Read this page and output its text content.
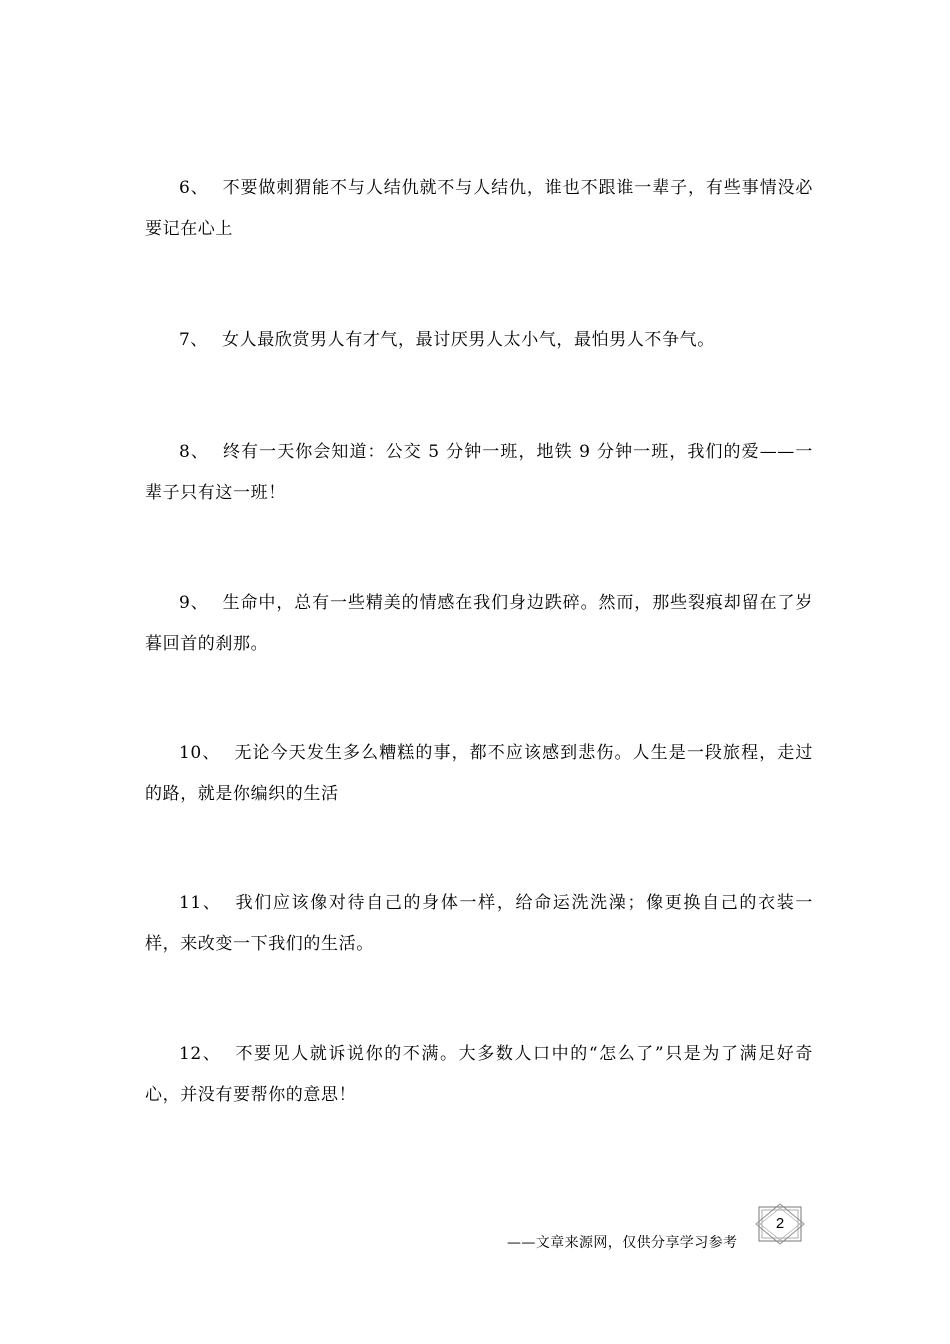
6、 不要做刺猬能不与人结仇就不与人结仇，谁也不跟谁一辈子，有些事情没必要记在心上

7、 女人最欣赏男人有才气，最讨厌男人太小气，最怕男人不争气。

8、 终有一天你会知道：公交 5 分钟一班，地铁 9 分钟一班，我们的爱——一辈子只有这一班！

9、 生命中，总有一些精美的情感在我们身边跌碎。然而，那些裂痕却留在了岁暮回首的刹那。

10、 无论今天发生多么糟糕的事，都不应该感到悲伤。人生是一段旅程，走过的路，就是你编织的生活

11、 我们应该像对待自己的身体一样，给命运洗洗澡；像更换自己的衣装一样，来改变一下我们的生活。

12、 不要见人就诉说你的不满。大多数人口中的“怎么了”只是为了满足好奇心，并没有要帮你的意思！

——文章来源网，仅供分享学习参考
2
